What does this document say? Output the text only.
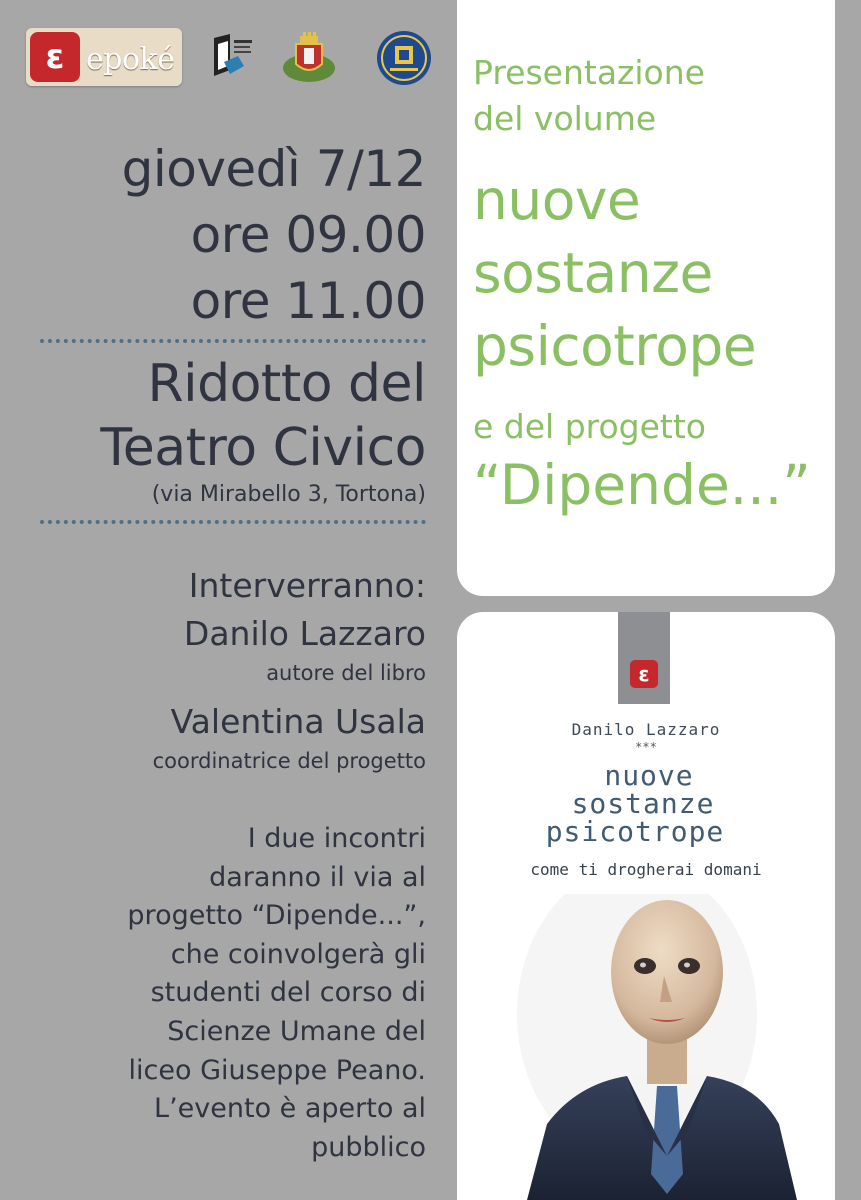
ε epoké
giovedì 7/12
ore 09.00
ore 11.00
Ridotto del
Teatro Civico
(via Mirabello 3, Tortona)
Interverranno:
Danilo Lazzaro
autore del libro
Valentina Usala
coordinatrice del progetto
I due incontri
daranno il via al
progetto “Dipende...”,
che coinvolgerà gli
studenti del corso di
Scienze Umane del
liceo Giuseppe Peano.
L’evento è aperto al
pubblico
Presentazione
del volume
nuove
sostanze
psicotrope
e del progetto
“Dipende...”
ε
Danilo Lazzaro
***
nuove
sostanze
psicotrope
come ti drogherai domani
